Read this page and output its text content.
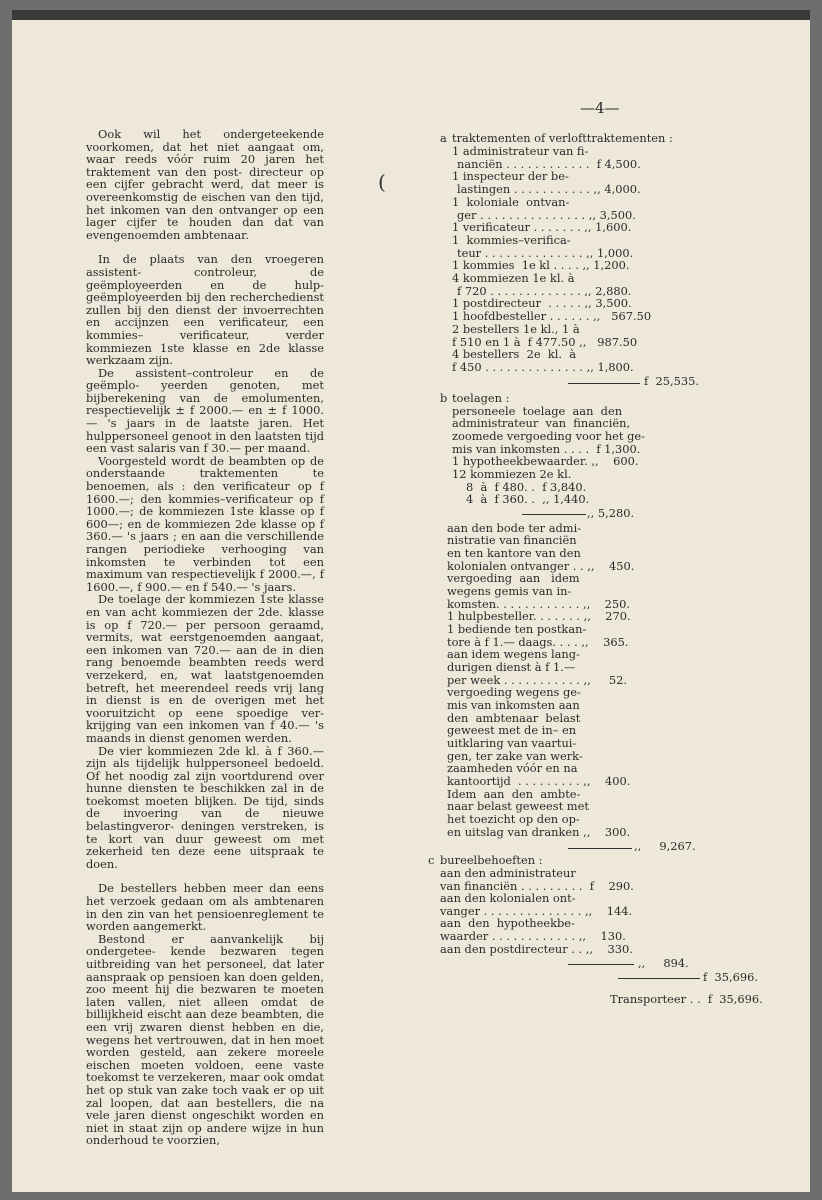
—4—
(

Ook wil het ondergeteekende voorkomen, dat het niet aangaat om, waar reeds vóór ruim 20 jaren het traktement van den post- directeur op een cijfer gebracht werd, dat meer is overeenkomstig de eischen van den tijd, het inkomen van den ontvanger op een lager cijfer te houden dan dat van evengenoemden ambtenaar.

In de plaats van den vroegeren assistent-	controleur, de geëmployeerden en de hulp- geëmployeerden bij den recherchedienst zullen bij den dienst der invoerrechten en accijnzen een verificateur, een kommies–	verificateur, verder kommiezen 1ste klasse en 2de klasse werkzaam zijn.

De assistent–controleur en de geëmplo- yeerden genoten, met bijberekening van de emolumenten, respectievelijk ± f 2000.— en ± f 1000.— 's jaars in de laatste jaren. Het hulppersoneel genoot in den laatsten tijd een vast salaris van f 30.— per maand.

Voorgesteld wordt de beambten op de onderstaande traktementen te benoemen, als : den verificateur op f 1600.—; den kommies–verificateur op f 1000.—; de kommiezen 1ste klasse op f 600—; en de kommiezen 2de klasse op f 360.— 's jaars ; en aan die verschillende rangen periodieke verhooging van inkomsten te verbinden tot een maximum van respectievelijk f 2000.—, f 1600.—, f 900.— en f 540.— 's jaars.

De toelage der kommiezen 1ste klasse en van acht kommiezen der 2de. klasse is op f 720.— per persoon geraamd, vermits, wat eerstgenoemden aangaat, een inkomen van 720.— aan de in dien rang benoemde beambten reeds werd verzekerd, en, wat laatstgenoemden betreft, het meerendeel reeds vrij lang in dienst is en de overigen met het vooruitzicht op eene spoedige ver- krijging van een inkomen van f 40.— 's maands in dienst genomen werden.

De vier kommiezen 2de kl. à f 360.— zijn als tijdelijk hulppersoneel bedoeld. Of het noodig zal zijn voortdurend over hunne diensten te beschikken zal in de toekomst moeten blijken. De tijd, sinds de invoering van de nieuwe belastingveror- deningen verstreken, is te kort van duur geweest om met zekerheid ten deze eene uitspraak te doen.

De bestellers hebben meer dan eens het verzoek gedaan om als ambtenaren in den zin van het pensioenreglement te worden aangemerkt.

Bestond er aanvankelijk bij ondergetee- kende bezwaren tegen uitbreiding van het personeel, dat later aanspraak op pensioen kan doen gelden, zoo meent hij die bezwaren te moeten laten vallen, niet alleen omdat de billijkheid eischt aan deze beambten, die een vrij zwaren dienst hebben en die, wegens het vertrouwen, dat in hen moet worden gesteld, aan zekere moreele eischen moeten voldoen, eene vaste toekomst te verzekeren, maar ook omdat het op stuk van zake toch vaak er op uit zal loopen, dat aan bestellers, die na vele jaren dienst ongeschikt worden en niet in staat zijn op andere wijze in hun onderhoud te voorzien,

a traktementen of verlofttraktementen :
1 administrateur van fi-
nanciën . . . . . . . . . . . .  f 4,500.
1 inspecteur der be-
lastingen . . . . . . . . . . . ,, 4,000.
1  koloniale  ontvan-
ger . . . . . . . . . . . . . . . ,, 3,500.
1 verificateur . . . . . . . ,, 1,600.
1  kommies–verifica-
teur . . . . . . . . . . . . . . ,, 1,000.
1 kommies  1e kl . . . . ,, 1,200.
4 kommiezen 1e kl. à
f 720 . . . . . . . . . . . . . ,, 2,880.
1 postdirecteur  . . . . . ,, 3,500.
1 hoofdbesteller . . . . . . ,,   567.50
2 bestellers 1e kl., 1 à
f 510 en 1 à  f 477.50 ,,   987.50
4 bestellers  2e  kl.  à
f 450 . . . . . . . . . . . . . . ,, 1,800.
f  25,535.
b toelagen :
personeele  toelage  aan  den
administrateur  van  financiën,
zoomede vergoeding voor het ge-
mis van inkomsten . . . .  f 1,300.
1 hypotheekbewaarder. ,,    600.
12 kommiezen 2e kl.
8  à  f 480. .  f 3,840.
4  à  f 360. .  ,, 1,440.
,, 5,280.
aan den bode ter admi-
nistratie van financiën
en ten kantore van den
kolonialen ontvanger . . ,,    450.
vergoeding  aan   idem
wegens gemis van in-
komsten. . . . . . . . . . . . ,,    250.
1 hulpbesteller. . . . . . . ,,    270.
1 bediende ten postkan-
tore à f 1.— daags. . . . ,,    365.
aan idem wegens lang-
durigen dienst à f 1.—
per week . . . . . . . . . . . ,,     52.
vergoeding wegens ge-
mis van inkomsten aan
den  ambtenaar  belast
geweest met de in– en
uitklaring van vaartui-
gen, ter zake van werk-
zaamheden vóór en na
kantoortijd  . . . . . . . . . ,,    400.
Idem  aan  den  ambte-
naar belast geweest met
het toezicht op den op-
en uitslag van dranken ,,    300.
,,     9,267.
c bureelbehoeften :
aan den administrateur
van financiën . . . . . . . . .  f    290.
aan den kolonialen ont-
vanger . . . . . . . . . . . . . . ,,    144.
aan  den  hypotheekbe-
waarder . . . . . . . . . . . . ,,    130.
aan den postdirecteur . . ,,    330.
,,     894.
f  35,696.
Transporteer . .  f  35,696.
